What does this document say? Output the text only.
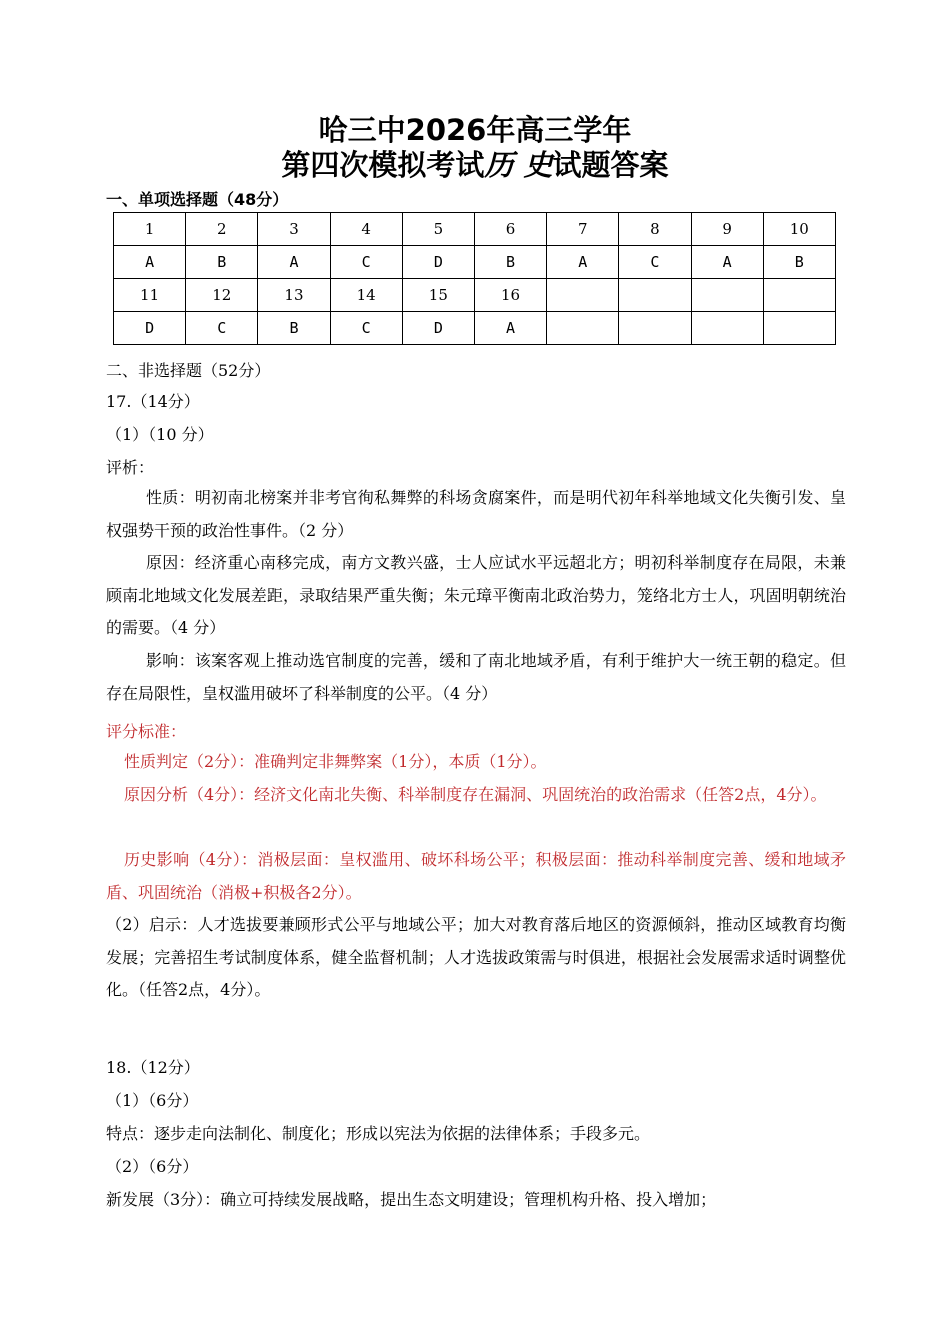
哈三中2026年高三学年
第四次模拟考试历 史试题答案
一、单项选择题（48分）
1	2	3	4	5	6	7	8	9	10
A	B	A	C	D	B	A	C	A	B
11	12	13	14	15	16				
D	C	B	C	D	A				
二、非选择题（52分）
17.（14分）
（1）（10 分）
评析：
性质：明初南北榜案并非考官徇私舞弊的科场贪腐案件，而是明代初年科举地域文化失衡引发、皇权强势干预的政治性事件。（2 分）
原因：经济重心南移完成，南方文教兴盛，士人应试水平远超北方；明初科举制度存在局限，未兼顾南北地域文化发展差距，录取结果严重失衡；朱元璋平衡南北政治势力，笼络北方士人，巩固明朝统治的需要。（4 分）
影响：该案客观上推动选官制度的完善，缓和了南北地域矛盾，有利于维护大一统王朝的稳定。但存在局限性，皇权滥用破坏了科举制度的公平。（4 分）
评分标准：
性质判定（2分）：准确判定非舞弊案（1分），本质（1分）。
原因分析（4分）：经济文化南北失衡、科举制度存在漏洞、巩固统治的政治需求（任答2点，4分）。
历史影响（4分）：消极层面：皇权滥用、破坏科场公平；积极层面：推动科举制度完善、缓和地域矛盾、巩固统治（消极+积极各2分）。
（2）启示：人才选拔要兼顾形式公平与地域公平；加大对教育落后地区的资源倾斜，推动区域教育均衡发展；完善招生考试制度体系，健全监督机制；人才选拔政策需与时俱进，根据社会发展需求适时调整优化。（任答2点，4分）。
18.（12分）
（1）（6分）
特点：逐步走向法制化、制度化；形成以宪法为依据的法律体系；手段多元。
（2）（6分）
新发展（3分）：确立可持续发展战略，提出生态文明建设；管理机构升格、投入增加；
